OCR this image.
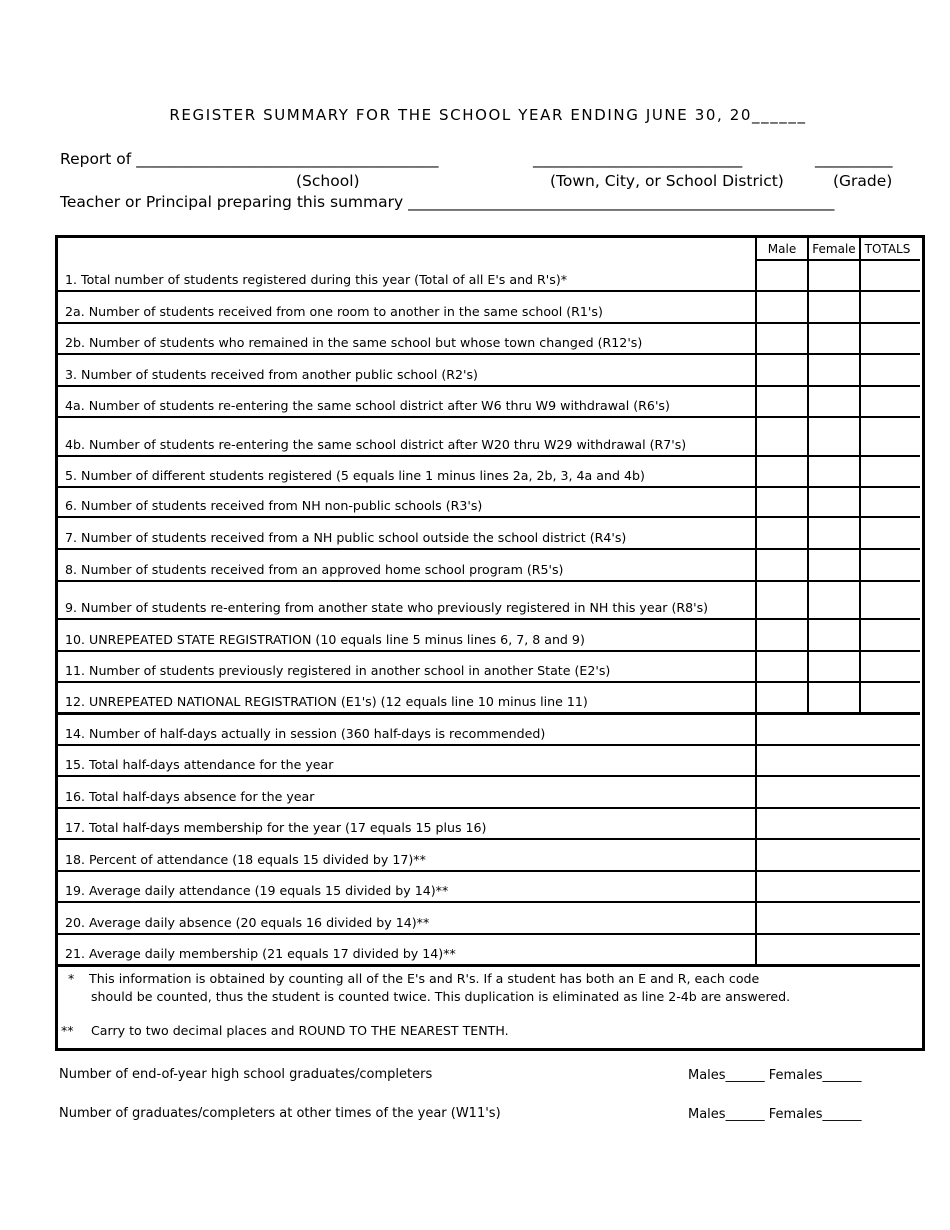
REGISTER SUMMARY FOR THE SCHOOL YEAR ENDING JUNE 30, 20______
Report of _______________________________________	___________________________	__________
(School)	(Town, City, or School District)	(Grade)
Teacher or Principal preparing this summary _______________________________________________________
Male	Female TOTALS
1. Total number of students registered during this year (Total of all E's and R's)*
2a. Number of students received from one room to another in the same school (R1's)
2b. Number of students who remained in the same school but whose town changed (R12's)
3. Number of students received from another public school (R2's)
4a. Number of students re-entering the same school district after W6 thru W9 withdrawal (R6's)
4b. Number of students re-entering the same school district after W20 thru W29 withdrawal (R7's)
5. Number of different students registered (5 equals line 1 minus lines 2a, 2b, 3, 4a and 4b)
6. Number of students received from NH non-public schools (R3's)
7. Number of students received from a NH public school outside the school district (R4's)
8. Number of students received from an approved home school program (R5's)
9. Number of students re-entering from another state who previously registered in NH this year (R8's)
10. UNREPEATED STATE REGISTRATION (10 equals line 5 minus lines 6, 7, 8 and 9)
11. Number of students previously registered in another school in another State (E2's)
12. UNREPEATED NATIONAL REGISTRATION (E1's) (12 equals line 10 minus line 11)
14. Number of half-days actually in session (360 half-days is recommended)
15. Total half-days attendance for the year
16. Total half-days absence for the year
17. Total half-days membership for the year (17 equals 15 plus 16)
18. Percent of attendance (18 equals 15 divided by 17)**
19. Average daily attendance (19 equals 15 divided by 14)**
20. Average daily absence (20 equals 16 divided by 14)**
21. Average daily membership (21 equals 17 divided by 14)**
* This information is obtained by counting all of the E's and R's. If a student has both an E and R, each code
should be counted, thus the student is counted twice. This duplication is eliminated as line 2-4b are answered.
** Carry to two decimal places and ROUND TO THE NEAREST TENTH.
Number of end-of-year high school graduates/completers	Males______ Females______
Number of graduates/completers at other times of the year (W11's)	Males______ Females______
